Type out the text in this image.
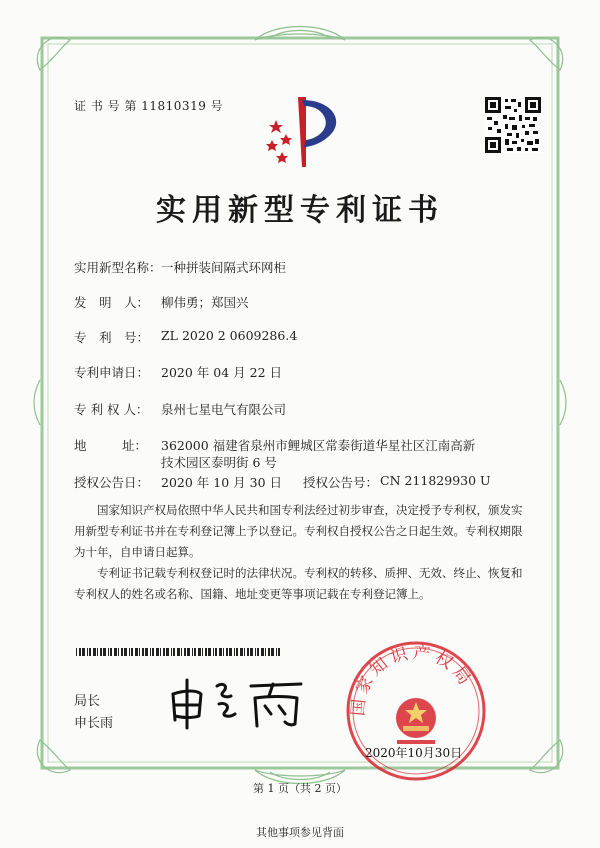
证 书 号 第 11810319 号
实用新型专利证书
实用新型名称： 一种拼装间隔式环网柜
发　明　人： 柳伟勇；郑国兴
专　利　号： ZL 2020 2 0609286.4
专利申请日： 2020 年 04 月 22 日
专 利 权 人： 泉州七星电气有限公司
地	址： 362000 福建省泉州市鲤城区常泰街道华星社区江南高新
技术园区泰明街 6 号
授权公告日： 2020 年 10 月 30 日 授权公告号： CN 211829930 U
国家知识产权局依照中华人民共和国专利法经过初步审查，决定授予专利权，颁发实用新型专利证书并在专利登记簿上予以登记。专利权自授权公告之日起生效。专利权期限为十年，自申请日起算。
专利证书记载专利权登记时的法律状况。专利权的转移、质押、无效、终止、恢复和专利权人的姓名或名称、国籍、地址变更等事项记载在专利登记簿上。
局长
申长雨
国家知识产权局
2020年10月30日
第 1 页（共 2 页）
其他事项参见背面
